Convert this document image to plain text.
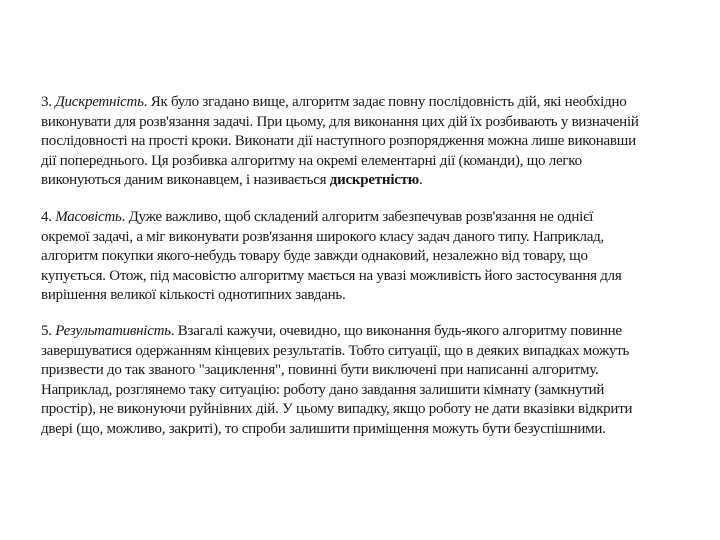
3. Дискретність. Як було згадано вище, алгоритм задає повну послідовність дій, які необхідно
виконувати для розв'язання задачі. При цьому, для виконання цих дій їх розбивають у визначеній
послідовності на прості кроки. Виконати дії наступного розпорядження можна лише виконавши
дії попереднього. Ця розбивка алгоритму на окремі елементарні дії (команди), що легко
виконуються даним виконавцем, і називається дискретністю.
4. Масовість. Дуже важливо, щоб складений алгоритм забезпечував розв'язання не однієї
окремої задачі, а міг виконувати розв'язання широкого класу задач даного типу. Наприклад,
алгоритм покупки якого-небудь товару буде завжди однаковий, незалежно від товару, що
купується. Отож, під масовістю алгоритму мається на увазі можливість його застосування для
вирішення великої кількості однотипних завдань.
5. Результативність. Взагалі кажучи, очевидно, що виконання будь-якого алгоритму повинне
завершуватися одержанням кінцевих результатів. Тобто ситуації, що в деяких випадках можуть
призвести до так званого "зациклення", повинні бути виключені при написанні алгоритму.
Наприклад, розглянемо таку ситуацію: роботу дано завдання залишити кімнату (замкнутий
простір), не виконуючи руйнівних дій. У цьому випадку, якщо роботу не дати вказівки відкрити
двері (що, можливо, закриті), то спроби залишити приміщення можуть бути безуспішними.
